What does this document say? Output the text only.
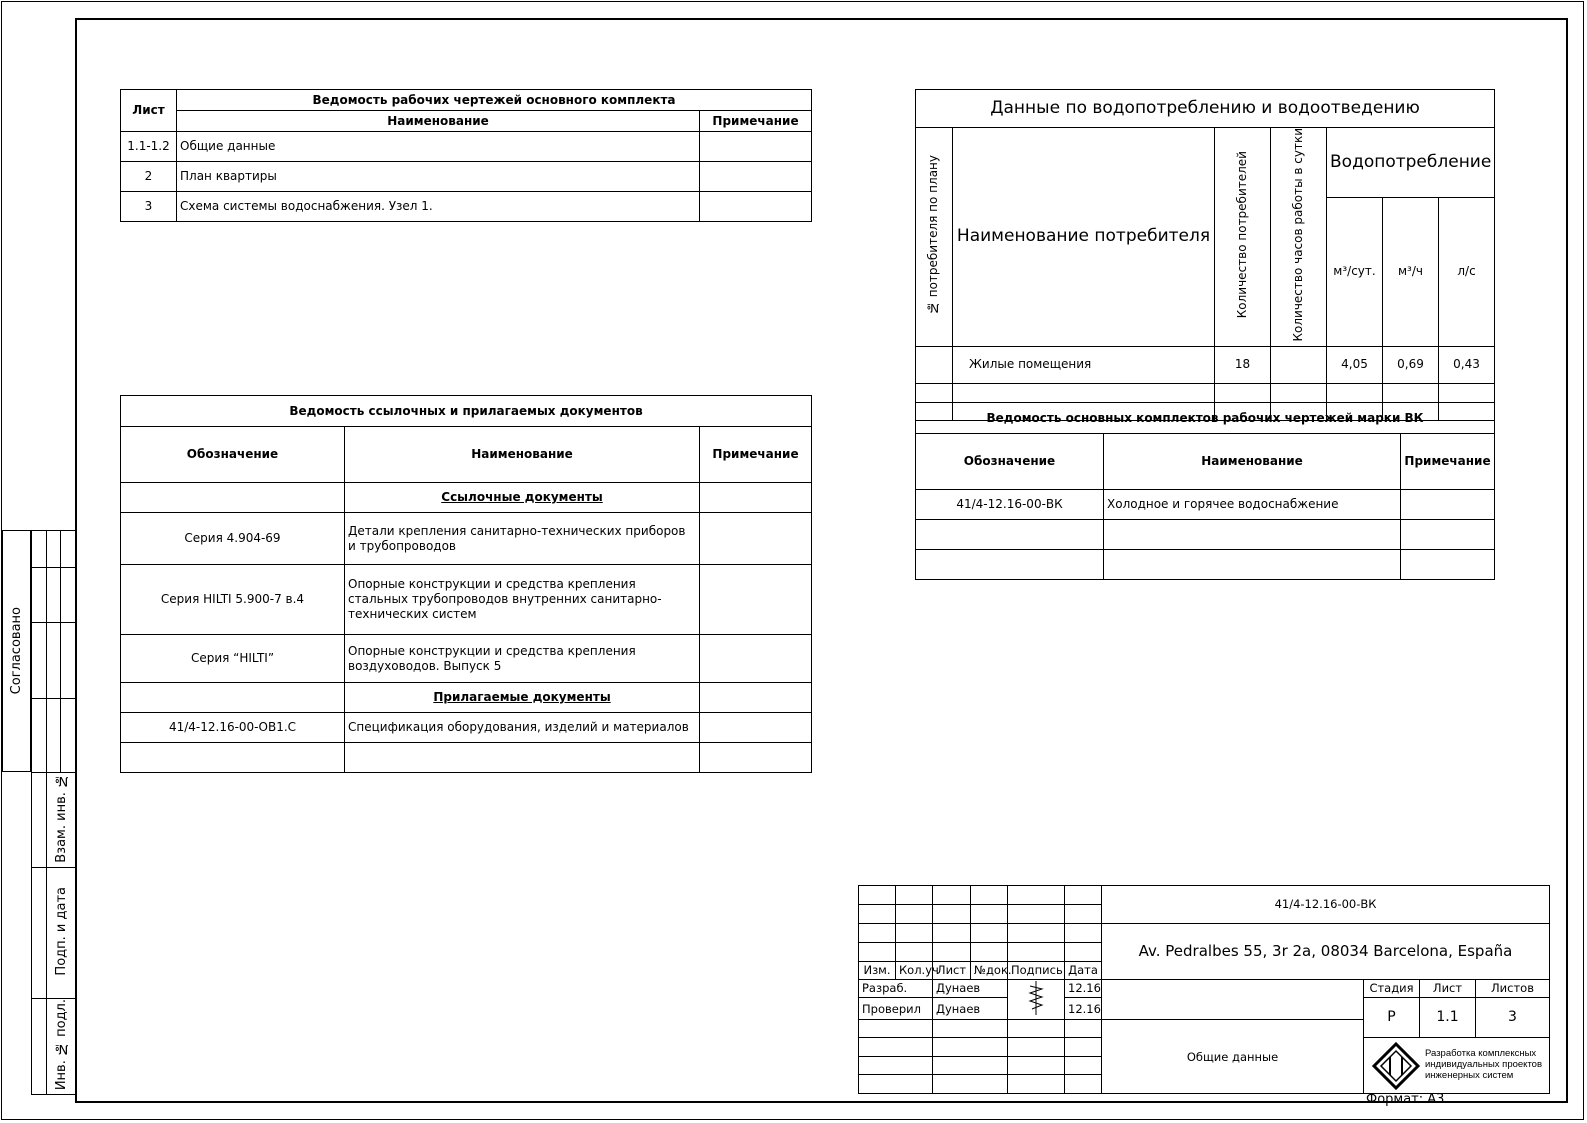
Лист	Ведомость рабочих чертежей основного комплекта	
	Наименование	Примечание
1.1-1.2	Общие данные	
2	План квартиры	
3	Схема системы водоснабжения. Узел 1.	
Данные по водопотреблению и водоотведению						
№ потребителя по плану	Наименование потребителя	Количество потребителей	Количество часов работы в сутки	Водопотребление		
				м³/сут.	м³/ч	л/с
	Жилые помещения	18		4,05	0,69	0,43

Ведомость ссылочных и прилагаемых документов		
Обозначение	Наименование	Примечание
	Ссылочные документы	
Серия 4.904-69	Детали крепления санитарно-технических приборов и трубопроводов	
Серия HILTI 5.900-7 в.4	Опорные конструкции и средства крепления стальных трубопроводов внутренних санитарно-технических систем	
Серия “HILTI”	Опорные конструкции и средства крепления воздуховодов. Выпуск 5	
	Прилагаемые документы	
41/4-12.16-00-ОВ1.С	Спецификация оборудования, изделий и материалов	

Ведомость основных комплектов рабочих чертежей марки ВК		
Обозначение	Наименование	Примечание
41/4-12.16-00-ВК	Холодное и горячее водоснабжение	

Согласовано

	Взам. инв. №	
	Подп. и дата	
	Инв. № подл.	
						41/4-12.16-00-ВК			

						Av. Pedralbes 55, 3r 2a, 08034 Barcelona, España			

Изм.	Кол.уч	Лист	№док.	Подпись	Дата				
Разраб.		Дунаев			12.16		Стадия	Лист	Листов
Проверил		Дунаев			12.16		Р	1.1	3
						Общие данные			

							Разработка комплексных
индивидуальных проектов
инженерных систем		

Формат: А3
